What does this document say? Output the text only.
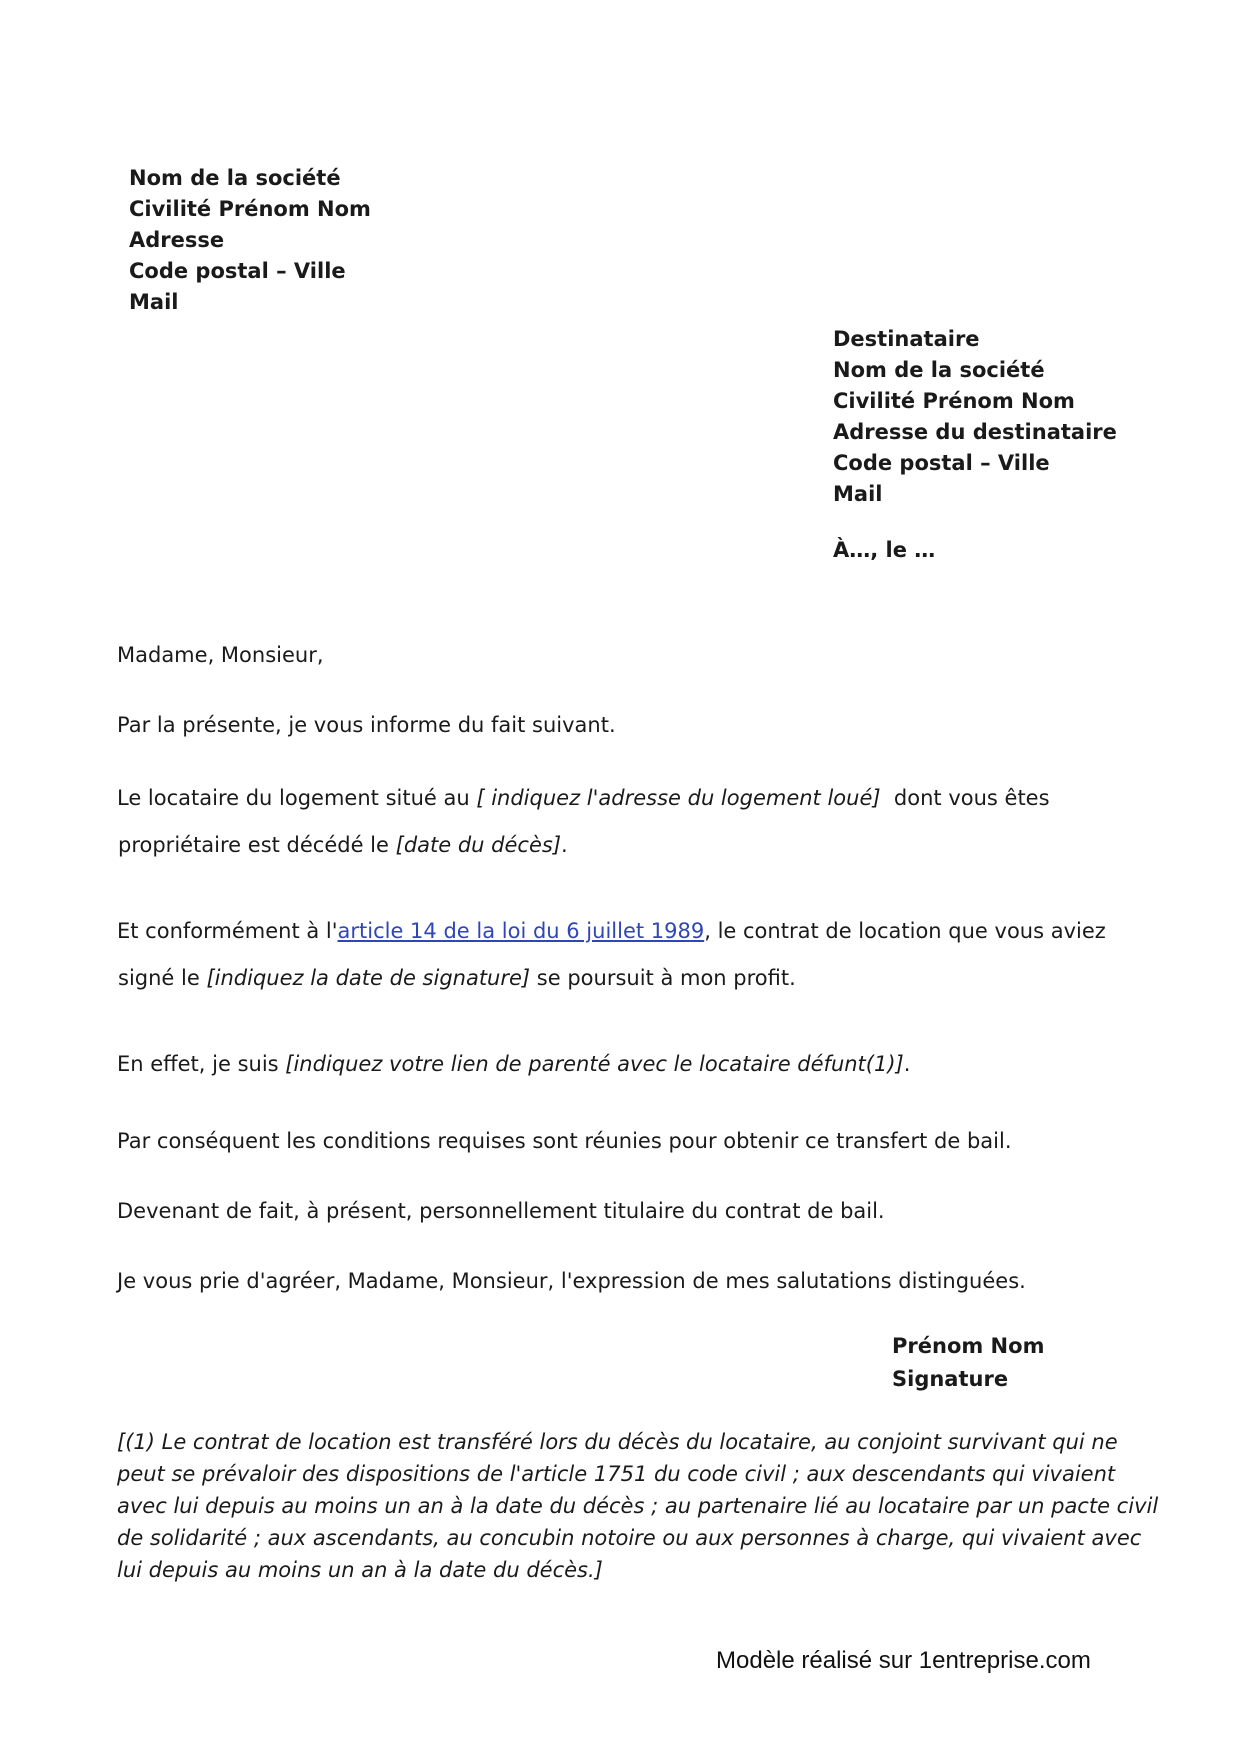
Nom de la société
Civilité Prénom Nom
Adresse
Code postal – Ville
Mail
Destinataire
Nom de la société
Civilité Prénom Nom
Adresse du destinataire
Code postal – Ville
Mail
À…, le …
Madame, Monsieur,
Par la présente, je vous informe du fait suivant.
Le locataire du logement situé au [ indiquez l'adresse du logement loué]  dont vous êtes
propriétaire est décédé le [date du décès].
Et conformément à l'article 14 de la loi du 6 juillet 1989, le contrat de location que vous aviez
signé le [indiquez la date de signature] se poursuit à mon profit.
En effet, je suis [indiquez votre lien de parenté avec le locataire défunt(1)].
Par conséquent les conditions requises sont réunies pour obtenir ce transfert de bail.
Devenant de fait, à présent, personnellement titulaire du contrat de bail.
Je vous prie d'agréer, Madame, Monsieur, l'expression de mes salutations distinguées.
Prénom Nom
Signature
[(1) Le contrat de location est transféré lors du décès du locataire, au conjoint survivant qui ne
peut se prévaloir des dispositions de l'article 1751 du code civil ; aux descendants qui vivaient
avec lui depuis au moins un an à la date du décès ; au partenaire lié au locataire par un pacte civil
de solidarité ; aux ascendants, au concubin notoire ou aux personnes à charge, qui vivaient avec
lui depuis au moins un an à la date du décès.]
Modèle réalisé sur 1entreprise.com
